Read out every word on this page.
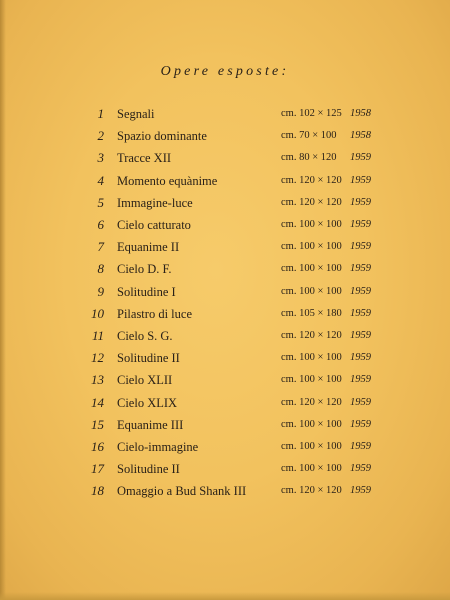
Opere esposte:
1 Segnali	cm. 102 × 125 1958
2 Spazio dominante	cm. 70 × 100 1958
3 Tracce XII	cm. 80 × 120 1959
4 Momento equànime	cm. 120 × 120 1959
5 Immagine-luce	cm. 120 × 120 1959
6 Cielo catturato	cm. 100 × 100 1959
7 Equanime II	cm. 100 × 100 1959
8 Cielo D. F.	cm. 100 × 100 1959
9 Solitudine I	cm. 100 × 100 1959
10 Pilastro di luce	cm. 105 × 180 1959
11 Cielo S. G.	cm. 120 × 120 1959
12 Solitudine II	cm. 100 × 100 1959
13 Cielo XLII	cm. 100 × 100 1959
14 Cielo XLIX	cm. 120 × 120 1959
15 Equanime III	cm. 100 × 100 1959
16 Cielo-immagine	cm. 100 × 100 1959
17 Solitudine II	cm. 100 × 100 1959
18 Omaggio a Bud Shank III	cm. 120 × 120 1959
